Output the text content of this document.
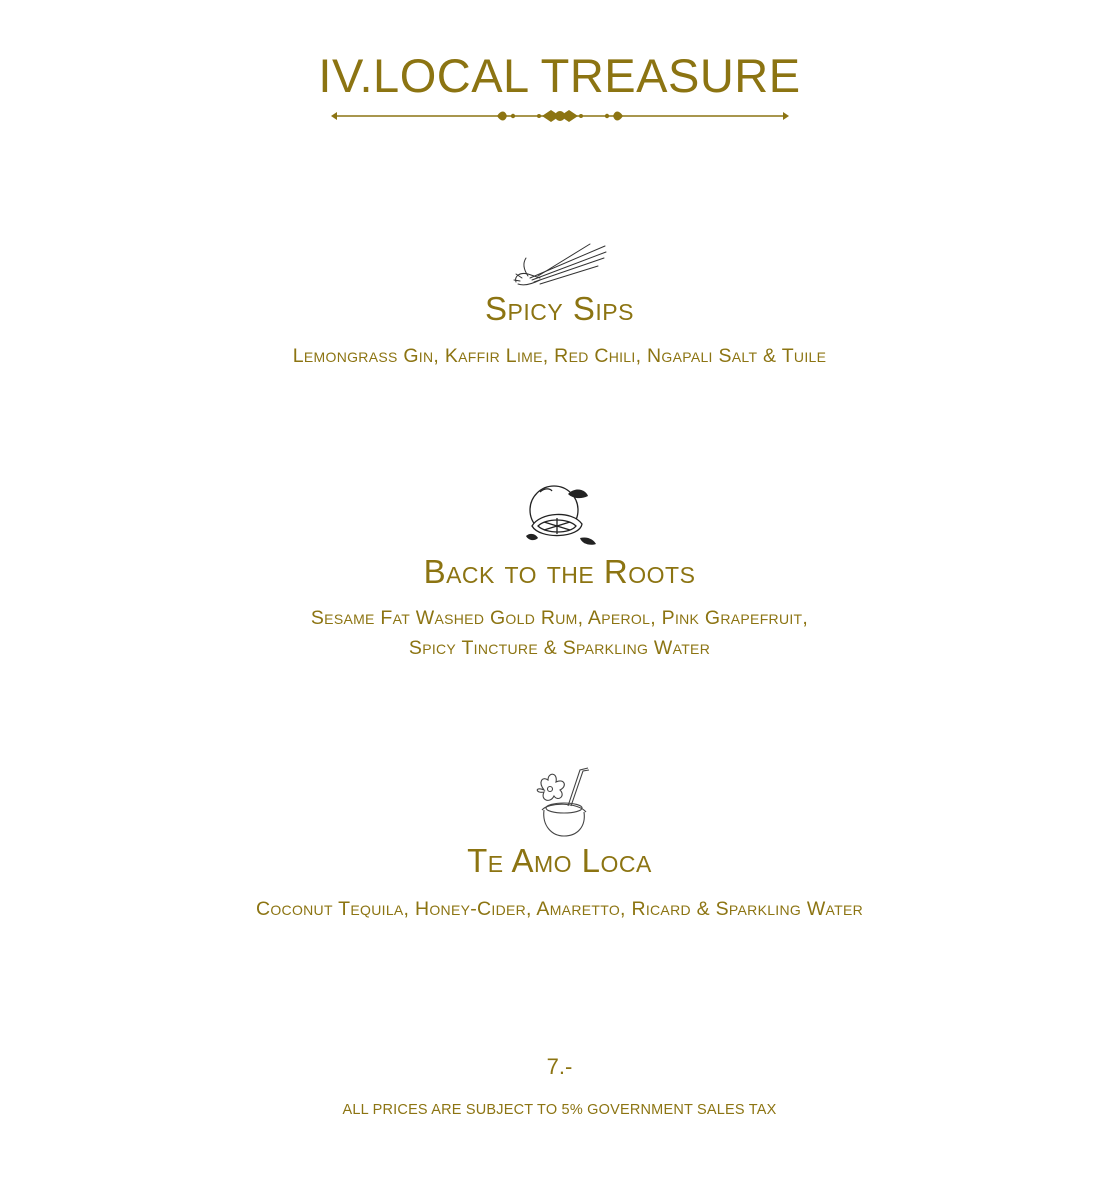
IV.LOCAL TREASURE
Spicy Sips
Lemongrass Gin, Kaffir Lime, Red Chili, Ngapali Salt & Tuile
Back to the Roots
Sesame Fat Washed Gold Rum, Aperol, Pink Grapefruit,
Spicy Tincture & Sparkling Water
Te Amo Loca
Coconut Tequila, Honey-Cider, Amaretto, Ricard & Sparkling Water
7.-
ALL PRICES ARE SUBJECT TO 5% GOVERNMENT SALES TAX
